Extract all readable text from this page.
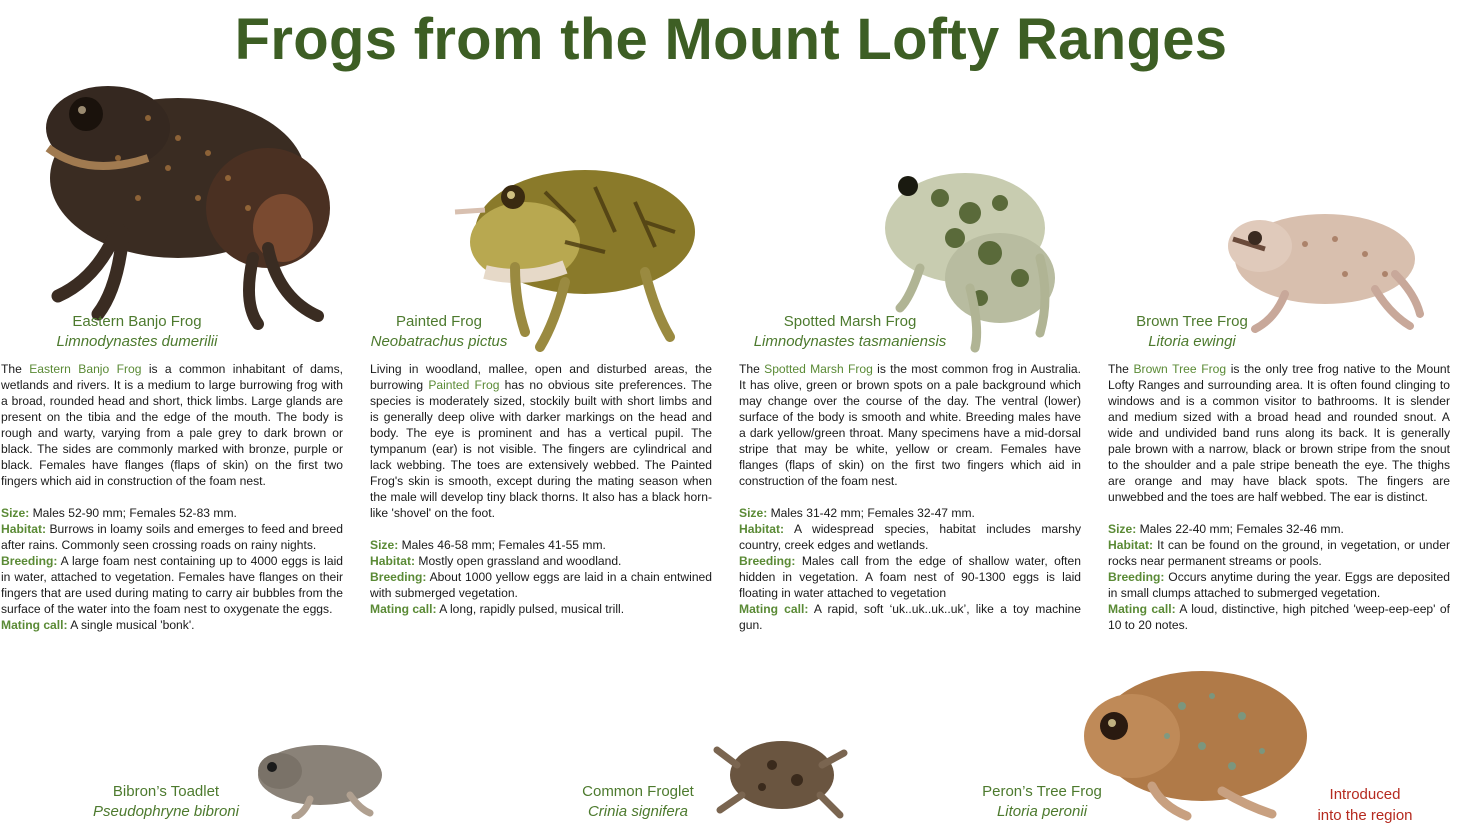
Frogs from the Mount Lofty Ranges
Eastern Banjo Frog
Limnodynastes dumerilii
Painted Frog
Neobatrachus pictus
Spotted Marsh Frog
Limnodynastes tasmaniensis
Brown Tree Frog
Litoria ewingi

The Eastern Banjo Frog is a common inhabitant of dams, wetlands and rivers. It is a medium to large burrowing frog with a broad, rounded head and short, thick limbs. Large glands are present on the tibia and the edge of the mouth. The body is rough and warty, varying from a pale grey to dark brown or black. The sides are commonly marked with bronze, purple or black. Females have flanges (flaps of skin) on the first two fingers which aid in construction of the foam nest.

Size: Males 52-90 mm; Females 52-83 mm.
Habitat: Burrows in loamy soils and emerges to feed and breed after rains. Commonly seen crossing roads on rainy nights.
Breeding: A large foam nest containing up to 4000 eggs is laid in water, attached to vegetation. Females have flanges on their fingers that are used during mating to carry air bubbles from the surface of the water into the foam nest to oxygenate the eggs.
Mating call: A single musical 'bonk'.

Living in woodland, mallee, open and disturbed areas, the burrowing Painted Frog has no obvious site preferences. The species is moderately sized, stockily built with short limbs and is generally deep olive with darker markings on the head and body. The eye is prominent and has a vertical pupil. The tympanum (ear) is not visible. The fingers are cylindrical and lack webbing. The toes are extensively webbed. The Painted Frog's skin is smooth, except during the mating season when the male will develop tiny black thorns. It also has a black horn-like 'shovel' on the foot.

Size: Males 46-58 mm; Females 41-55 mm.
Habitat: Mostly open grassland and woodland.
Breeding: About 1000 yellow eggs are laid in a chain entwined with submerged vegetation.
Mating call: A long, rapidly pulsed, musical trill.

The Spotted Marsh Frog is the most common frog in Australia. It has olive, green or brown spots on a pale background which may change over the course of the day. The ventral (lower) surface of the body is smooth and white. Breeding males have a dark yellow/green throat. Many specimens have a mid-dorsal stripe that may be white, yellow or cream. Females have flanges (flaps of skin) on the first two fingers which aid in construction of the foam nest.

Size: Males 31-42 mm; Females 32-47 mm.
Habitat: A widespread species, habitat includes marshy country, creek edges and wetlands.
Breeding: Males call from the edge of shallow water, often hidden in vegetation. A foam nest of 90-1300 eggs is laid floating in water attached to vegetation
Mating call: A rapid, soft ‘uk..uk..uk..uk’, like a toy machine gun.

The Brown Tree Frog is the only tree frog native to the Mount Lofty Ranges and surrounding area. It is often found clinging to windows and is a common visitor to bathrooms. It is slender and medium sized with a broad head and rounded snout. A wide and undivided band runs along its back. It is generally pale brown with a narrow, black or brown stripe from the snout to the shoulder and a pale stripe beneath the eye. The thighs are orange and may have black spots. The fingers are unwebbed and the toes are half webbed. The ear is distinct.

Size: Males 22-40 mm; Females 32-46 mm.
Habitat: It can be found on the ground, in vegetation, or under rocks near permanent streams or pools.
Breeding: Occurs anytime during the year. Eggs are deposited in small clumps attached to submerged vegetation.
Mating call: A loud, distinctive, high pitched 'weep-eep-eep' of 10 to 20 notes.
Bibron’s Toadlet
Pseudophryne bibroni
Common Froglet
Crinia signifera
Peron’s Tree Frog
Litoria peronii
Introduced
into the region
